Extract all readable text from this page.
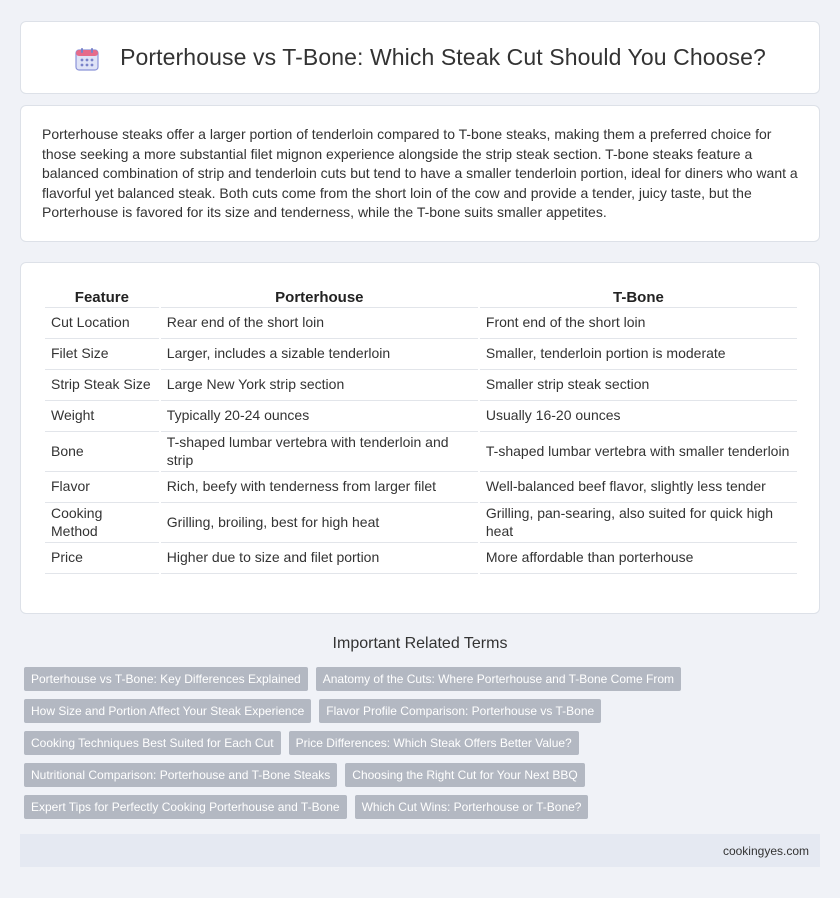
Porterhouse vs T-Bone: Which Steak Cut Should You Choose?

Porterhouse steaks offer a larger portion of tenderloin compared to T-bone steaks, making them a preferred choice for those seeking a more substantial filet mignon experience alongside the strip steak section. T-bone steaks feature a balanced combination of strip and tenderloin cuts but tend to have a smaller tenderloin portion, ideal for diners who want a flavorful yet balanced steak. Both cuts come from the short loin of the cow and provide a tender, juicy taste, but the Porterhouse is favored for its size and tenderness, while the T-bone suits smaller appetites.

Feature	Porterhouse	T-Bone
Cut Location	Rear end of the short loin	Front end of the short loin
Filet Size	Larger, includes a sizable tenderloin	Smaller, tenderloin portion is moderate
Strip Steak Size	Large New York strip section	Smaller strip steak section
Weight	Typically 20-24 ounces	Usually 16-20 ounces
Bone	T-shaped lumbar vertebra with tenderloin and strip	T-shaped lumbar vertebra with smaller tenderloin
Flavor	Rich, beefy with tenderness from larger filet	Well-balanced beef flavor, slightly less tender
Cooking Method	Grilling, broiling, best for high heat	Grilling, pan-searing, also suited for quick high heat
Price	Higher due to size and filet portion	More affordable than porterhouse
Important Related Terms
Porterhouse vs T-Bone: Key Differences Explained	Anatomy of the Cuts: Where Porterhouse and T-Bone Come From
How Size and Portion Affect Your Steak Experience	Flavor Profile Comparison: Porterhouse vs T-Bone
Cooking Techniques Best Suited for Each Cut	Price Differences: Which Steak Offers Better Value?
Nutritional Comparison: Porterhouse and T-Bone Steaks	Choosing the Right Cut for Your Next BBQ
Expert Tips for Perfectly Cooking Porterhouse and T-Bone	Which Cut Wins: Porterhouse or T-Bone?
cookingyes.com
